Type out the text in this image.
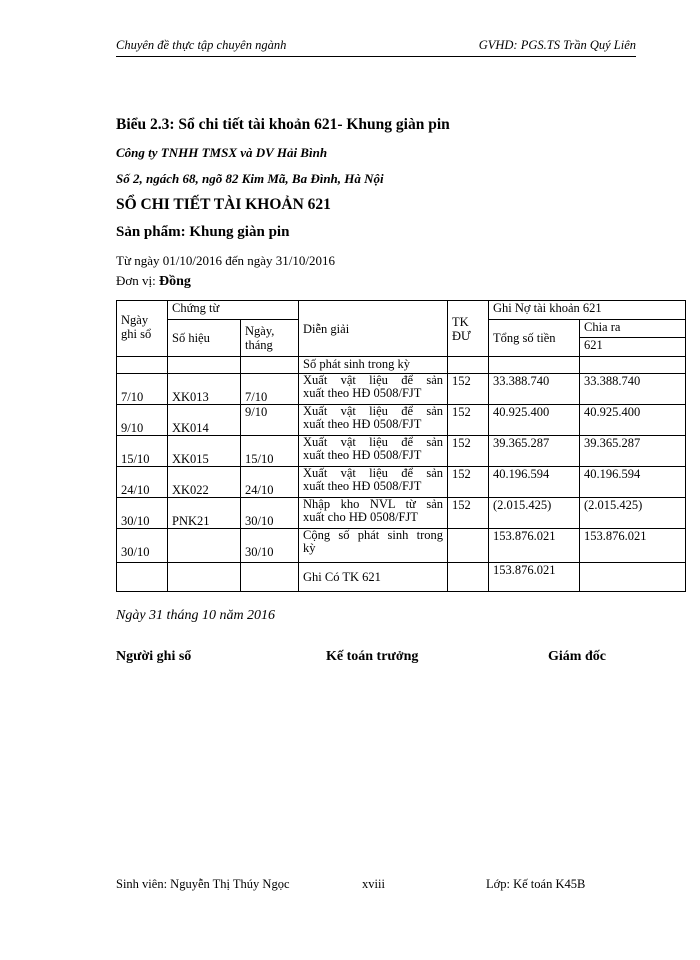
Chuyên đề thực tập chuyên ngành	GVHD: PGS.TS Trần Quý Liên
Biểu 2.3: Sổ chi tiết tài khoản 621- Khung giàn pin
Công ty TNHH TMSX và DV Hải Bình
Số 2, ngách 68, ngõ 82 Kim Mã, Ba Đình, Hà Nội
SỔ CHI TIẾT TÀI KHOẢN 621
Sản phẩm: Khung giàn pin
Từ ngày 01/10/2016 đến ngày 31/10/2016
Đơn vị: Đồng
Ngày ghi sổ	Chứng từ		Diễn giải	TK ĐƯ	Ghi Nợ tài khoản 621	
	Số hiệu	Ngày, tháng			Tổng số tiền	Chia ra
						621
			Số phát sinh trong kỳ			
7/10	XK013	7/10	Xuất vật liệu để sản
xuất theo HĐ 0508/FJT	152	33.388.740	33.388.740
9/10	XK014	9/10	Xuất vật liệu để sản
xuất theo HĐ 0508/FJT	152	40.925.400	40.925.400
15/10	XK015	15/10	Xuất vật liệu để sản
xuất theo HĐ 0508/FJT	152	39.365.287	39.365.287
24/10	XK022	24/10	Xuất vật liệu để sản
xuất theo HĐ 0508/FJT	152	40.196.594	40.196.594
30/10	PNK21	30/10	Nhập kho NVL từ sản
xuất cho HĐ 0508/FJT	152	(2.015.425)	(2.015.425)
30/10		30/10	Cộng số phát sinh trong
kỳ		153.876.021	153.876.021
			Ghi Có TK 621		153.876.021	
Ngày 31 tháng 10 năm 2016
Người ghi sổ	Kế toán trưởng	Giám đốc
Sinh viên: Nguyễn Thị Thúy Ngọc	xviii	Lớp: Kế toán K45B
